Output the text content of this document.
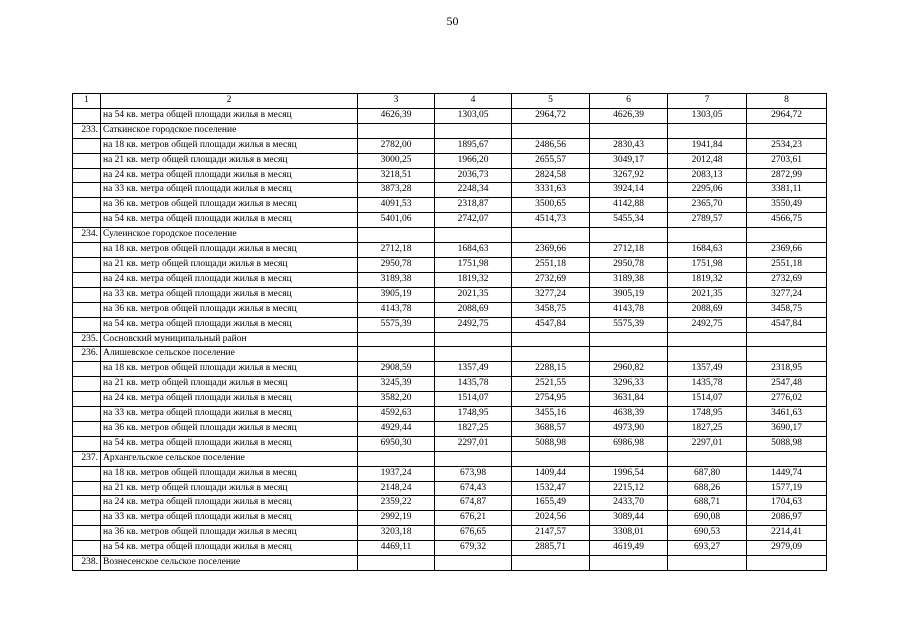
50
1	2	3	4	5	6	7	8
	на 54 кв. метра общей площади жилья в месяц	4626,39	1303,05	2964,72	4626,39	1303,05	2964,72
233.	Саткинское городское поселение						
	на 18 кв. метров общей площади жилья в месяц	2782,00	1895,67	2486,56	2830,43	1941,84	2534,23
	на 21 кв. метр общей площади жилья в месяц	3000,25	1966,20	2655,57	3049,17	2012,48	2703,61
	на 24 кв. метра общей площади жилья в месяц	3218,51	2036,73	2824,58	3267,92	2083,13	2872,99
	на 33 кв. метра общей площади жилья в месяц	3873,28	2248,34	3331,63	3924,14	2295,06	3381,11
	на 36 кв. метров общей площади жилья в месяц	4091,53	2318,87	3500,65	4142,88	2365,70	3550,49
	на 54 кв. метра общей площади жилья в месяц	5401,06	2742,07	4514,73	5455,34	2789,57	4566,75
234.	Сулеинское городское поселение						
	на 18 кв. метров общей площади жилья в месяц	2712,18	1684,63	2369,66	2712,18	1684,63	2369,66
	на 21 кв. метр общей площади жилья в месяц	2950,78	1751,98	2551,18	2950,78	1751,98	2551,18
	на 24 кв. метра общей площади жилья в месяц	3189,38	1819,32	2732,69	3189,38	1819,32	2732,69
	на 33 кв. метра общей площади жилья в месяц	3905,19	2021,35	3277,24	3905,19	2021,35	3277,24
	на 36 кв. метров общей площади жилья в месяц	4143,78	2088,69	3458,75	4143,78	2088,69	3458,75
	на 54 кв. метра общей площади жилья в месяц	5575,39	2492,75	4547,84	5575,39	2492,75	4547,84
235.	Сосновский муниципальный район						
236.	Алишевское сельское поселение						
	на 18 кв. метров общей площади жилья в месяц	2908,59	1357,49	2288,15	2960,82	1357,49	2318,95
	на 21 кв. метр общей площади жилья в месяц	3245,39	1435,78	2521,55	3296,33	1435,78	2547,48
	на 24 кв. метра общей площади жилья в месяц	3582,20	1514,07	2754,95	3631,84	1514,07	2776,02
	на 33 кв. метра общей площади жилья в месяц	4592,63	1748,95	3455,16	4638,39	1748,95	3461,63
	на 36 кв. метров общей площади жилья в месяц	4929,44	1827,25	3688,57	4973,90	1827,25	3690,17
	на 54 кв. метра общей площади жилья в месяц	6950,30	2297,01	5088,98	6986,98	2297,01	5088,98
237.	Архангельское сельское поселение						
	на 18 кв. метров общей площади жилья в месяц	1937,24	673,98	1409,44	1996,54	687,80	1449,74
	на 21 кв. метр общей площади жилья в месяц	2148,24	674,43	1532,47	2215,12	688,26	1577,19
	на 24 кв. метра общей площади жилья в месяц	2359,22	674,87	1655,49	2433,70	688,71	1704,63
	на 33 кв. метра общей площади жилья в месяц	2992,19	676,21	2024,56	3089,44	690,08	2086,97
	на 36 кв. метров общей площади жилья в месяц	3203,18	676,65	2147,57	3308,01	690,53	2214,41
	на 54 кв. метра общей площади жилья в месяц	4469,11	679,32	2885,71	4619,49	693,27	2979,09
238.	Вознесенское сельское поселение						
